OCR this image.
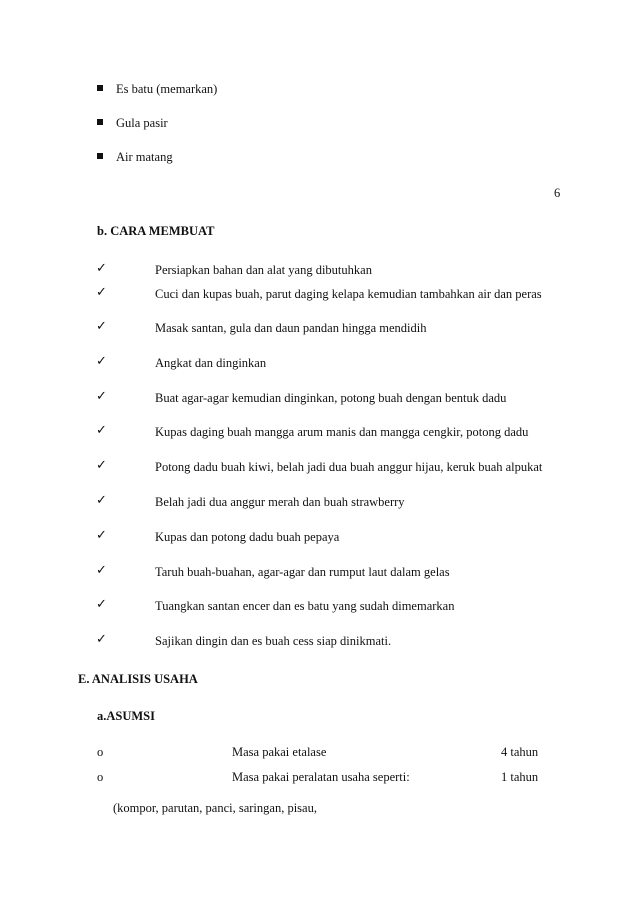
Es batu (memarkan)
Gula pasir
Air matang
6
b. CARA MEMBUAT
✓	Persiapkan bahan dan alat yang dibutuhkan
✓	Cuci dan kupas buah, parut daging kelapa kemudian tambahkan air dan peras
✓	Masak santan, gula dan daun pandan hingga mendidih
✓	Angkat dan dinginkan
✓	Buat agar-agar kemudian dinginkan, potong buah dengan bentuk dadu
✓	Kupas daging buah mangga arum manis dan mangga cengkir, potong dadu
✓	Potong dadu buah kiwi, belah jadi dua buah anggur hijau, keruk buah alpukat
✓	Belah jadi dua anggur merah dan buah strawberry
✓	Kupas dan potong dadu buah pepaya
✓	Taruh buah-buahan, agar-agar dan rumput laut dalam gelas
✓	Tuangkan santan encer dan es batu yang sudah dimemarkan
✓	Sajikan dingin dan es buah cess siap dinikmati.
E. ANALISIS USAHA
a.ASUMSI
o	Masa pakai etalase	4 tahun
o	Masa pakai peralatan usaha seperti:	1 tahun
(kompor, parutan, panci, saringan, pisau,
